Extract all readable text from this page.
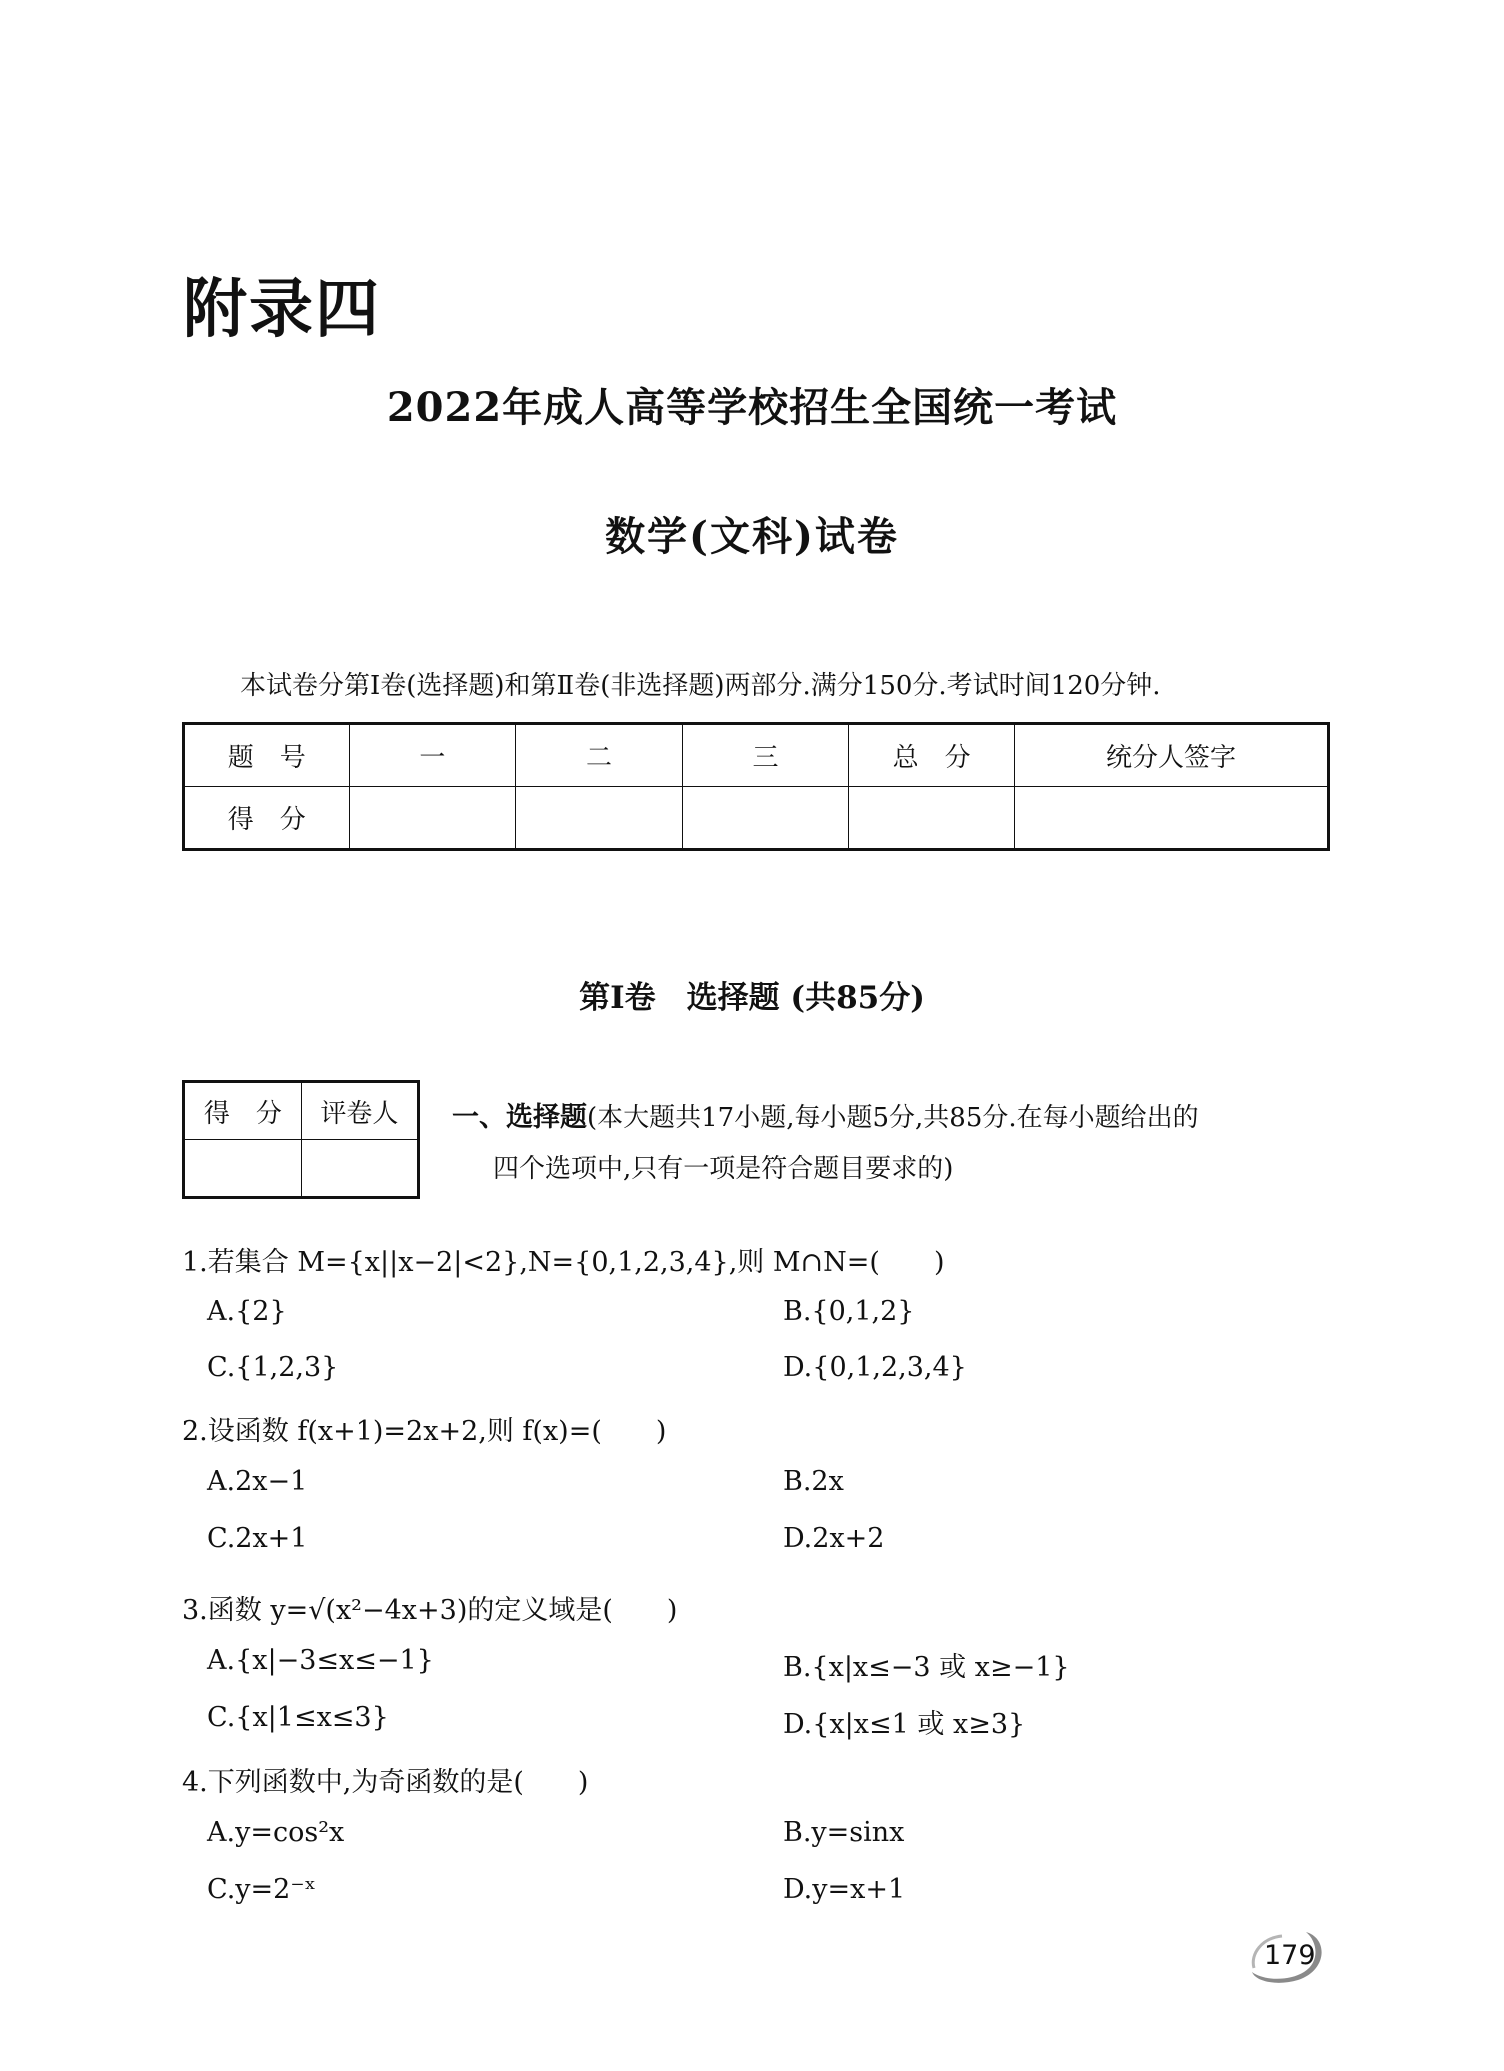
附录四
2022年成人高等学校招生全国统一考试
数学(文科)试卷
本试卷分第Ⅰ卷(选择题)和第Ⅱ卷(非选择题)两部分.满分150分.考试时间120分钟.
题　号	一	二	三	总　分	统分人签字
得　分					
第Ⅰ卷　选择题 (共85分)
得　分	评卷人
	一、选择题(本大题共17小题,每小题5分,共85分.在每小题给出的
四个选项中,只有一项是符合题目要求的)
1.若集合 M={x||x−2|<2},N={0,1,2,3,4},则 M∩N=(　　)
A.{2}	B.{0,1,2}
C.{1,2,3}	D.{0,1,2,3,4}
2.设函数 f(x+1)=2x+2,则 f(x)=(　　)
A.2x−1	B.2x
C.2x+1	D.2x+2
3.函数 y=√(x²−4x+3)的定义域是(　　)
A.{x|−3≤x≤−1}	B.{x|x≤−3 或 x≥−1}
C.{x|1≤x≤3}	D.{x|x≤1 或 x≥3}
4.下列函数中,为奇函数的是(　　)
A.y=cos²x	B.y=sinx
C.y=2⁻ˣ	D.y=x+1
179
